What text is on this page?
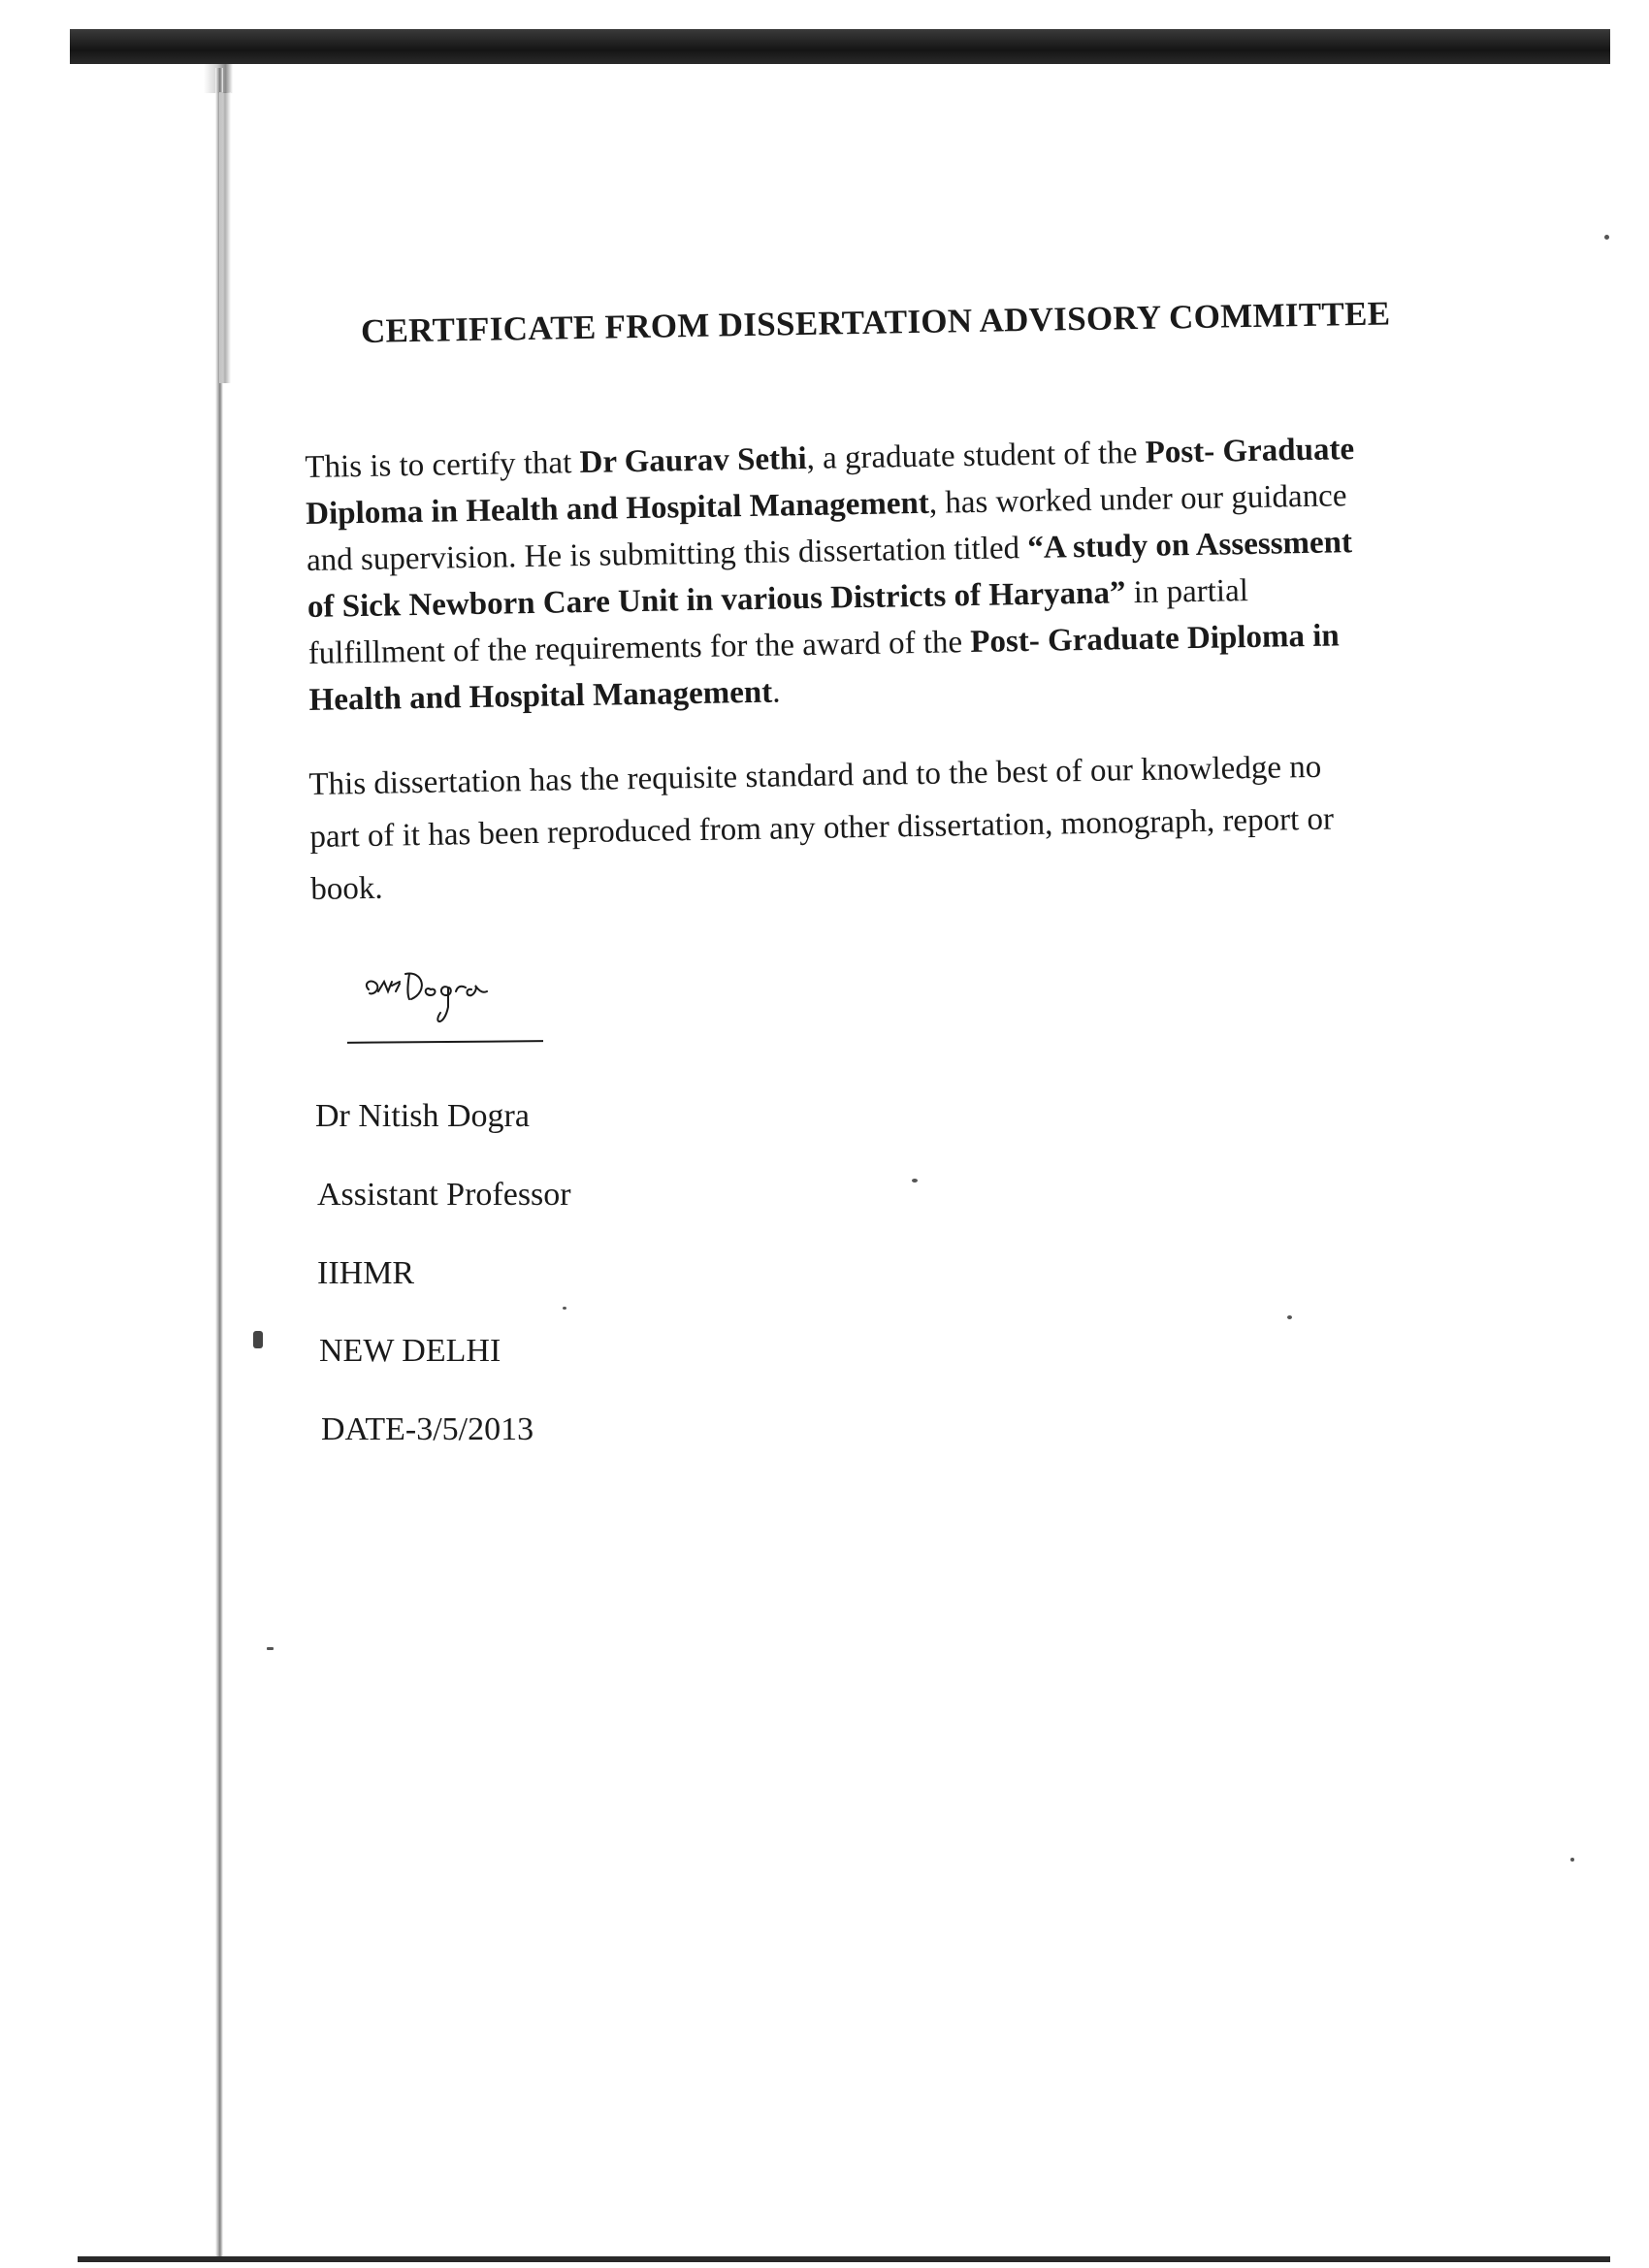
CERTIFICATE FROM DISSERTATION ADVISORY COMMITTEE

This is to certify that Dr Gaurav Sethi, a graduate student of the Post- Graduate
Diploma in Health and Hospital Management, has worked under our guidance
and supervision. He is submitting this dissertation titled “A study on Assessment
of Sick Newborn Care Unit in various Districts of Haryana” in partial
fulfillment of the requirements for the award of the Post- Graduate Diploma in
Health and Hospital Management.

This dissertation has the requisite standard and to the best of our knowledge no
part of it has been reproduced from any other dissertation, monograph, report or
book.

Dr Nitish Dogra

Assistant Professor

IIHMR

NEW DELHI

DATE-3/5/2013
